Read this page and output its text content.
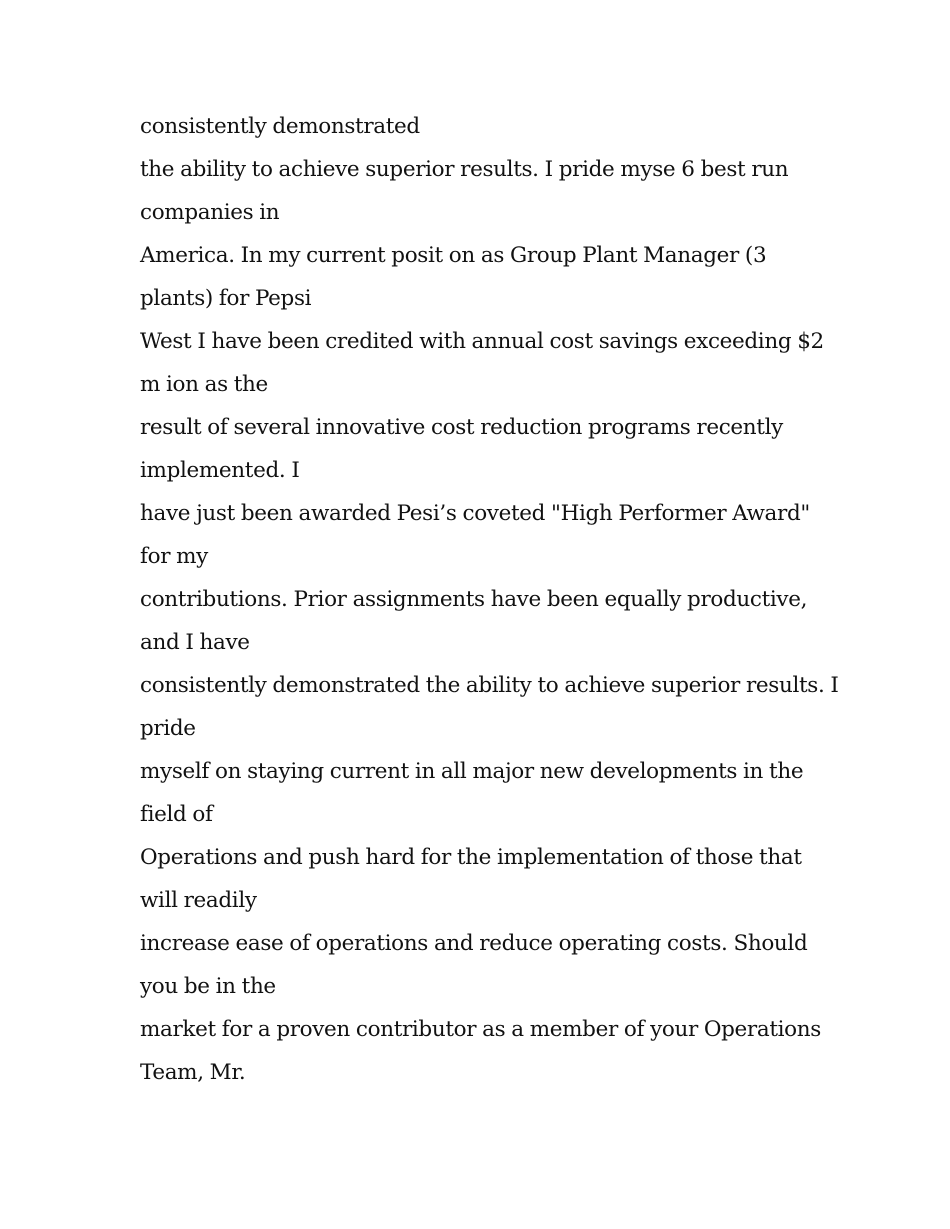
consistently demonstrated
the ability to achieve superior results. I pride myse 6 best run
companies in
America. In my current posit on as Group Plant Manager (3
plants) for Pepsi
West I have been credited with annual cost savings exceeding $2
m ion as the
result of several innovative cost reduction programs recently
implemented. I
have just been awarded Pesi’s coveted "High Performer Award"
for my
contributions. Prior assignments have been equally productive,
and I have
consistently demonstrated the ability to achieve superior results. I
pride
myself on staying current in all major new developments in the
field of
Operations and push hard for the implementation of those that
will readily
increase ease of operations and reduce operating costs. Should
you be in the
market for a proven contributor as a member of your Operations
Team, Mr.
